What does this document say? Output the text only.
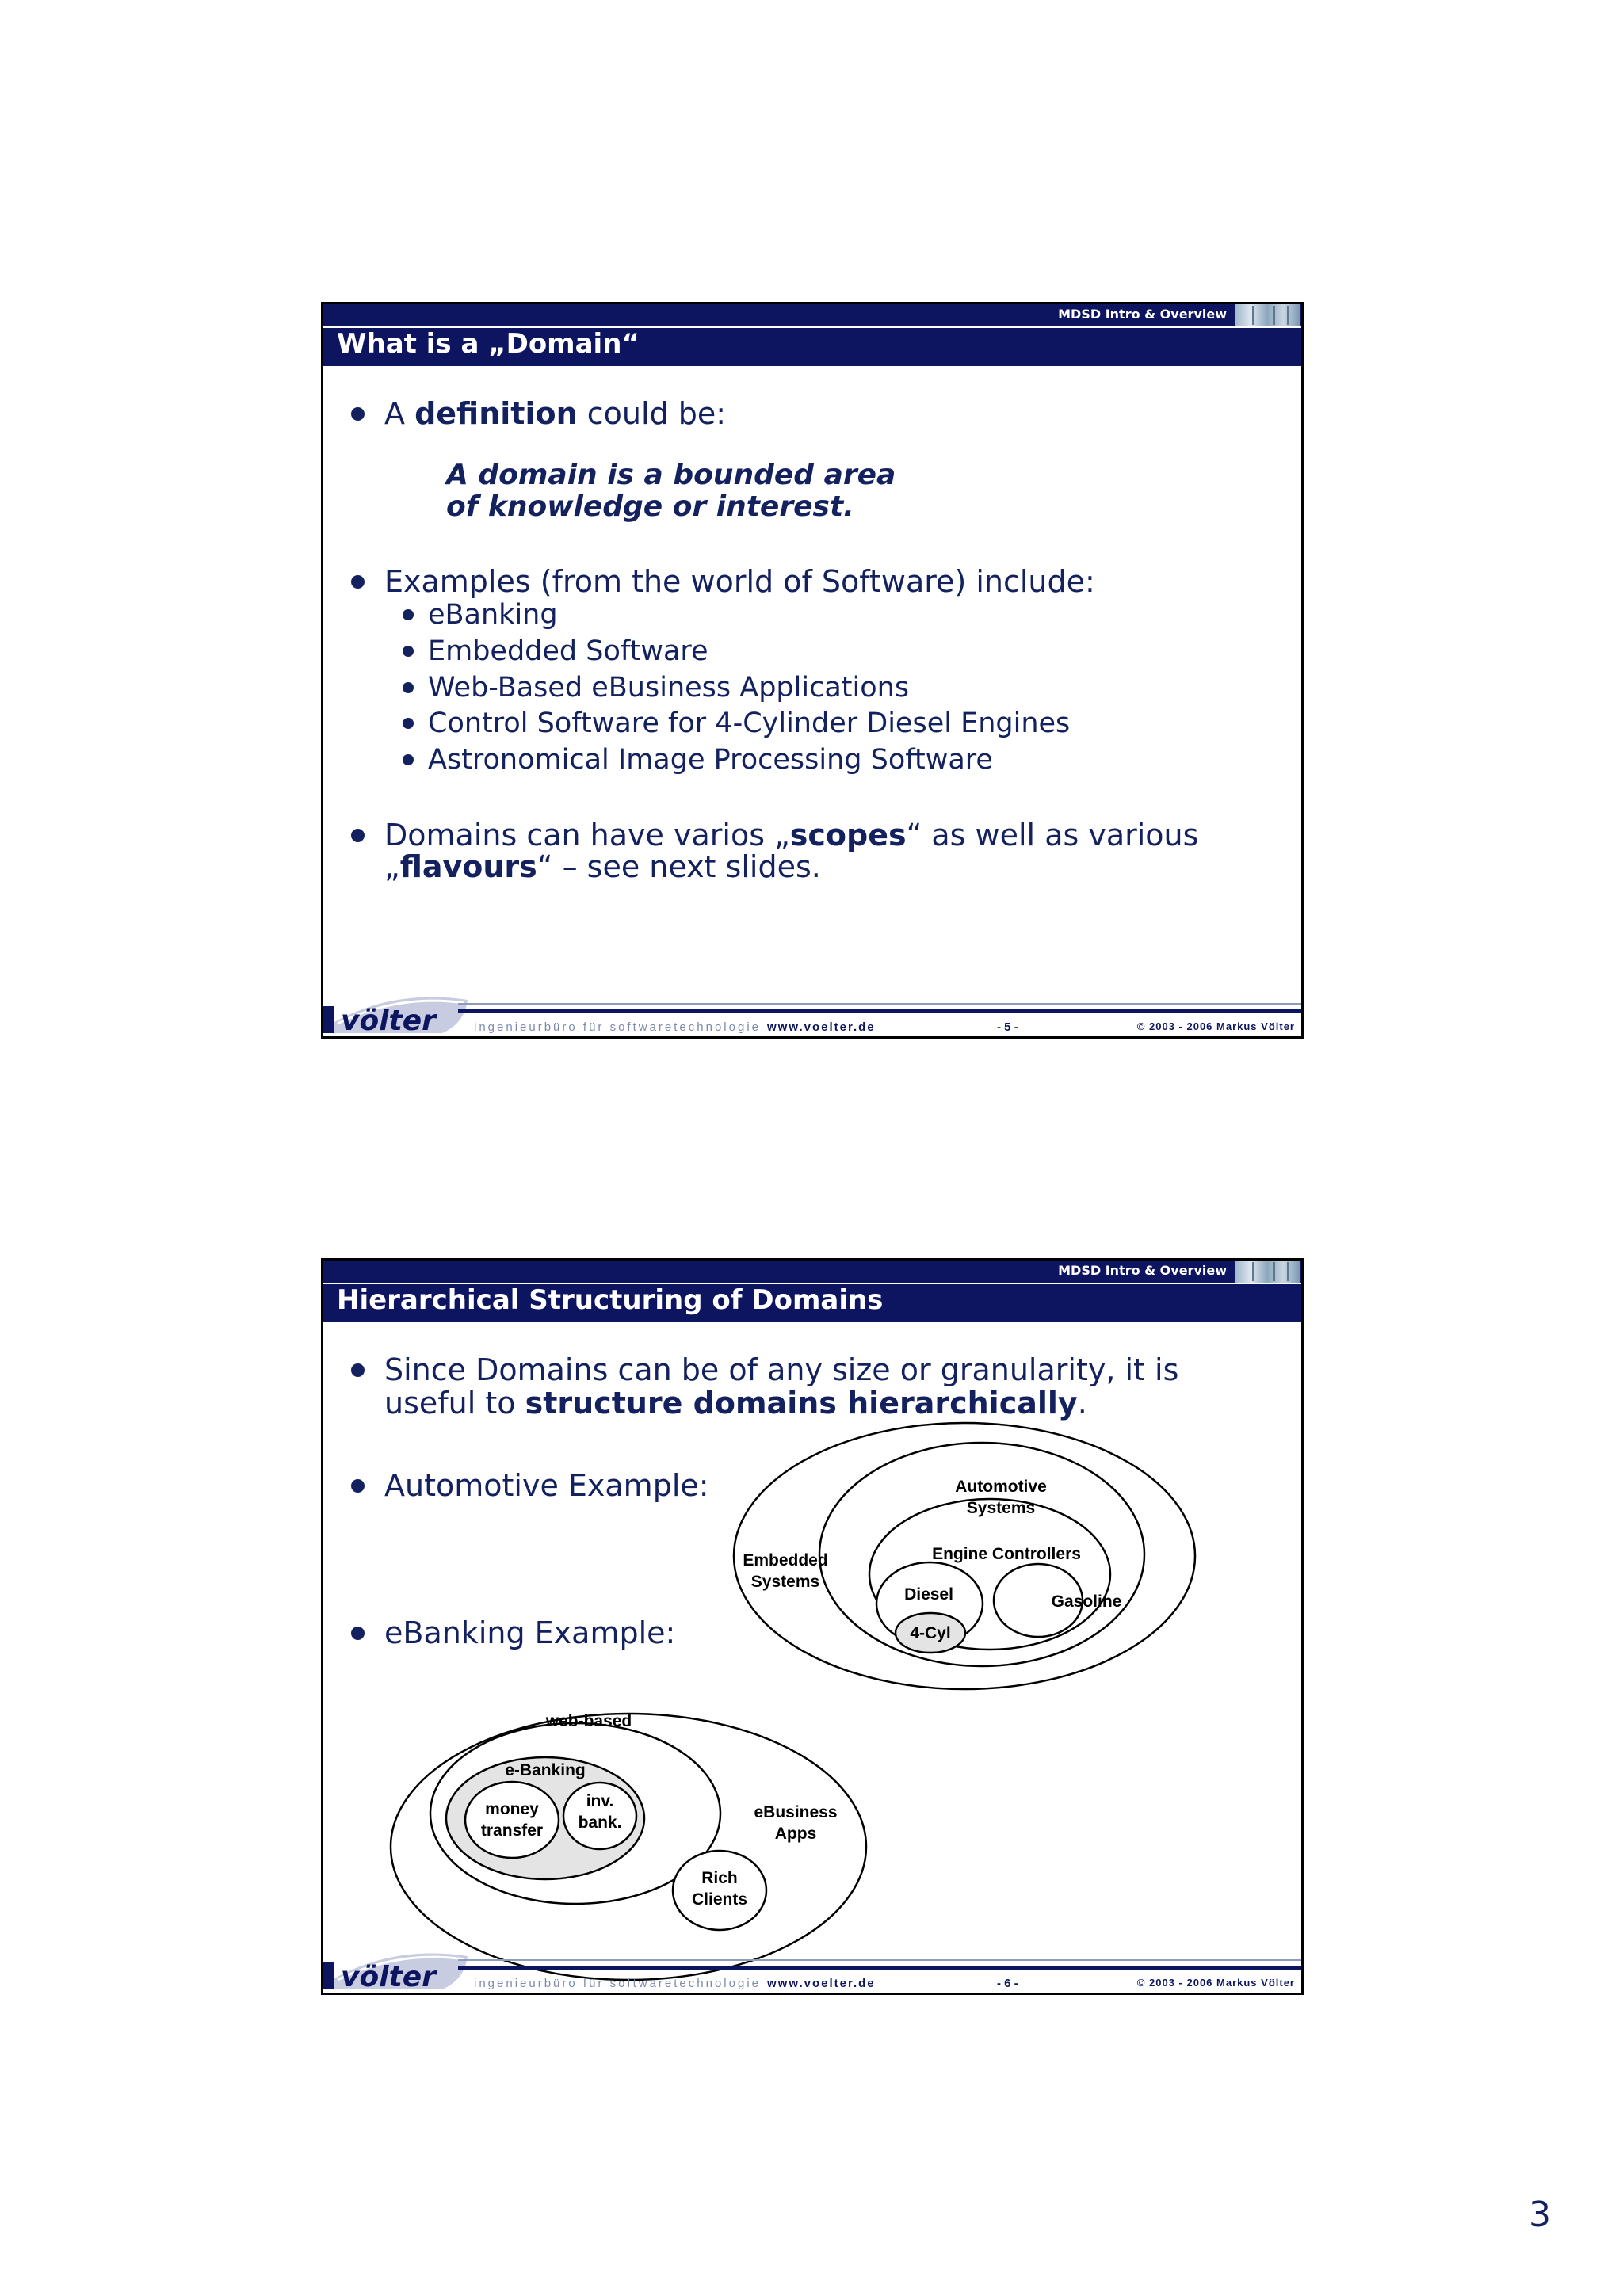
MDSD Intro & Overview
What is a „Domain“
A definition could be:
A domain is a bounded area
of knowledge or interest.
Examples (from the world of Software) include:
eBanking
Embedded Software
Web-Based eBusiness Applications
Control Software for 4-Cylinder Diesel Engines
Astronomical Image Processing Software
Domains can have varios „scopes“ as well as various
„flavours“ – see next slides.
völter	ingenieurbüro für softwaretechnologie www.voelter.de	- 5 -	© 2003 - 2006 Markus Völter
MDSD Intro & Overview
Hierarchical Structuring of Domains
Since Domains can be of any size or granularity, it is
useful to structure domains hierarchically.
Automotive Example:
eBanking Example:
Embedded
Systems
Automotive
Systems
Engine Controllers
Diesel	Gasoline
4-Cyl
web-based
e-Banking
money
transfer
inv.
bank.
eBusiness
Apps
Rich
Clients
völter	ingenieurbüro für softwaretechnologie www.voelter.de	- 6 -	© 2003 - 2006 Markus Völter
3
